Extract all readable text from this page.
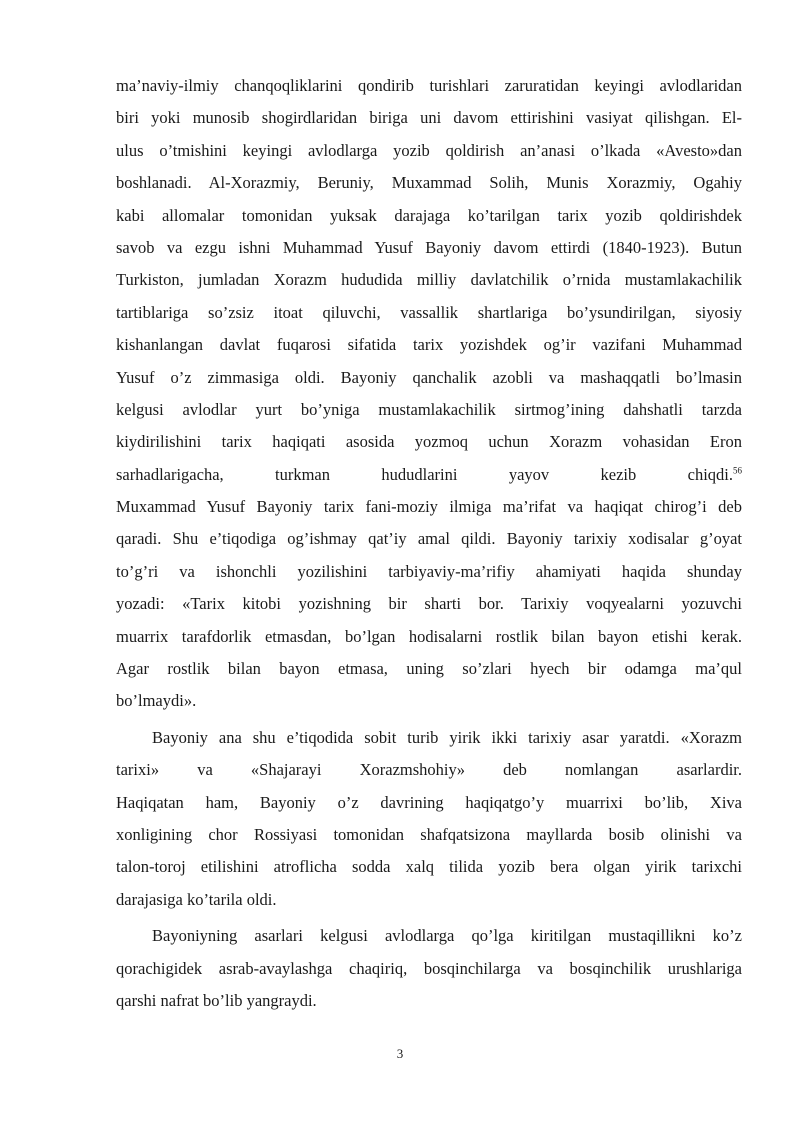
ma’naviy-ilmiy chanqoqliklarini qondirib turishlari zaruratidan keyingi avlodlaridan
biri yoki munosib shogirdlaridan biriga uni davom ettirishini vasiyat qilishgan. El-
ulus o’tmishini keyingi avlodlarga yozib qoldirish an’anasi o’lkada «Avesto»dan
boshlanadi. Al-Xorazmiy, Beruniy, Muxammad Solih, Munis Xorazmiy, Ogahiy
kabi allomalar tomonidan yuksak darajaga ko’tarilgan tarix yozib qoldirishdek
savob va ezgu ishni Muhammad Yusuf Bayoniy davom ettirdi (1840-1923). Butun
Turkiston, jumladan Xorazm hududida milliy davlatchilik o’rnida mustamlakachilik
tartiblariga so’zsiz itoat qiluvchi, vassallik shartlariga bo’ysundirilgan, siyosiy
kishanlangan davlat fuqarosi sifatida tarix yozishdek og’ir vazifani Muhammad
Yusuf o’z zimmasiga oldi. Bayoniy qanchalik azobli va mashaqqatli bo’lmasin
kelgusi avlodlar yurt bo’yniga mustamlakachilik sirtmog’ining dahshatli tarzda
kiydirilishini tarix haqiqati asosida yozmoq uchun Xorazm vohasidan Eron
sarhadlarigacha, turkman hududlarini yayov kezib chiqdi.$^{56}$
Muxammad Yusuf Bayoniy tarix fani-moziy ilmiga ma’rifat va haqiqat chirog’i deb
qaradi. Shu e’tiqodiga og’ishmay qat’iy amal qildi. Bayoniy tarixiy xodisalar g’oyat
to’g’ri va ishonchli yozilishini tarbiyaviy-ma’rifiy ahamiyati haqida shunday
yozadi: «Tarix kitobi yozishning bir sharti bor. Tarixiy voqyealarni yozuvchi
muarrix tarafdorlik etmasdan, bo’lgan hodisalarni rostlik bilan bayon etishi kerak.
Agar rostlik bilan bayon etmasa, uning so’zlari hyech bir odamga ma’qul
bo’lmaydi».
Bayoniy ana shu e’tiqodida sobit turib yirik ikki tarixiy asar yaratdi. «Xorazm
tarixi» va «Shajarayi Xorazmshohiy» deb nomlangan asarlardir.
Haqiqatan ham, Bayoniy o’z davrining haqiqatgo’y muarrixi bo’lib, Xiva
xonligining chor Rossiyasi tomonidan shafqatsizona mayllarda bosib olinishi va
talon-toroj etilishini atroflicha sodda xalq tilida yozib bera olgan yirik tarixchi
darajasiga ko’tarila oldi.
Bayoniyning asarlari kelgusi avlodlarga qo’lga kiritilgan mustaqillikni ko’z
qorachigidek asrab-avaylashga chaqiriq, bosqinchilarga va bosqinchilik urushlariga
qarshi nafrat bo’lib yangraydi.
3
